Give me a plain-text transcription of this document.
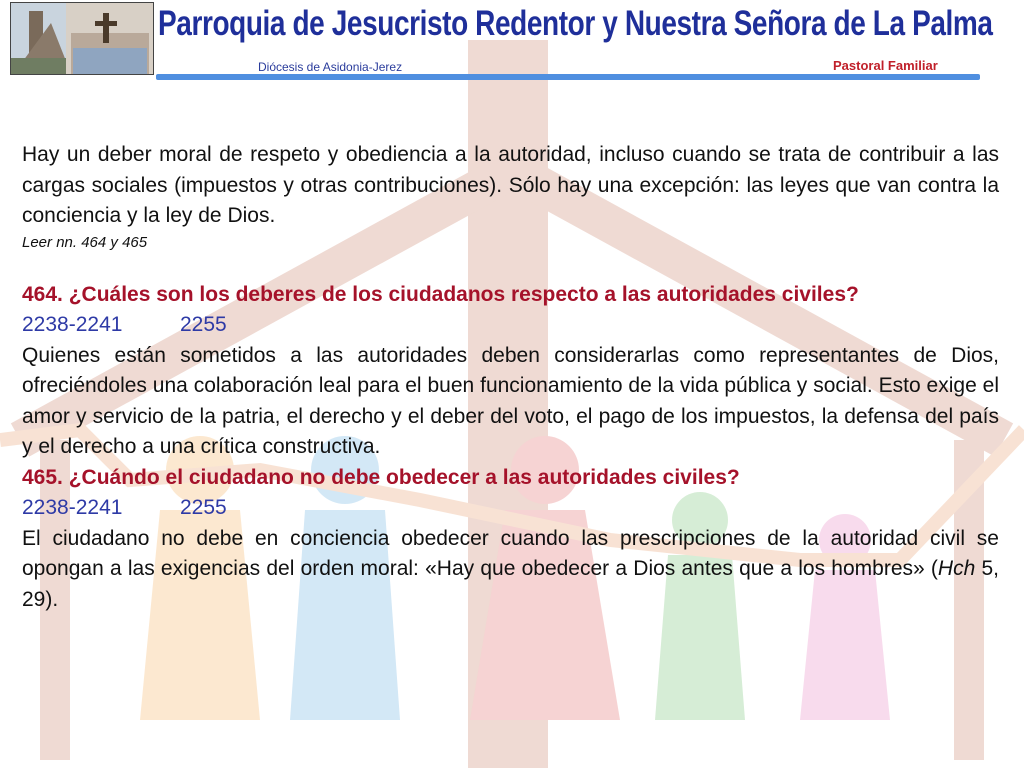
Parroquia de Jesucristo Redentor y Nuestra Señora de La Palma
Diócesis de Asidonia-Jerez	Pastoral Familiar

Hay un deber moral de respeto y obediencia a la autoridad, incluso cuando se trata de contribuir a las cargas sociales (impuestos y otras contribuciones). Sólo hay una excepción: las leyes que van contra la conciencia y la ley de Dios.

Leer nn. 464 y 465

464. ¿Cuáles son los deberes de los ciudadanos respecto a las autoridades civiles?

2238-2241	2255

Quienes están sometidos a las autoridades deben considerarlas como representantes de Dios, ofreciéndoles una colaboración leal para el buen funcionamiento de la vida pública y social. Esto exige el amor y servicio de la patria, el derecho y el deber del voto, el pago de los impuestos, la defensa del país y el derecho a una crítica constructiva.

465. ¿Cuándo el ciudadano no debe obedecer a las autoridades civiles?

2238-2241	2255

El ciudadano no debe en conciencia obedecer cuando las prescripciones de la autoridad civil se opongan a las exigencias del orden moral: «Hay que obedecer a Dios antes que a los hombres» (Hch 5, 29).
